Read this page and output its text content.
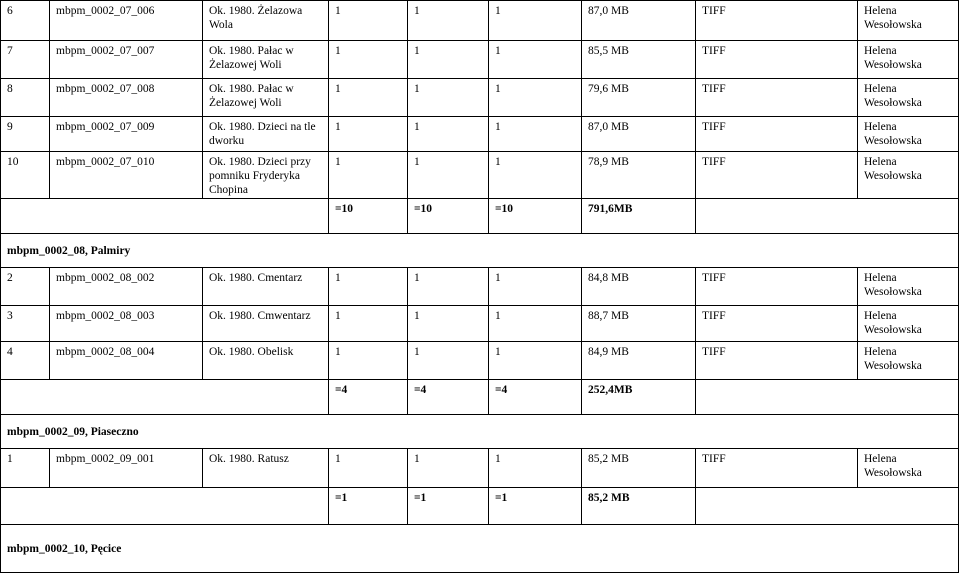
6	mbpm_0002_07_006	Ok. 1980. Żelazowa Wola	1	1	1	87,0 MB	TIFF	Helena Wesołowska
7	mbpm_0002_07_007	Ok. 1980. Pałac w Żelazowej Woli	1	1	1	85,5 MB	TIFF	Helena Wesołowska
8	mbpm_0002_07_008	Ok. 1980. Pałac w Żelazowej Woli	1	1	1	79,6 MB	TIFF	Helena Wesołowska
9	mbpm_0002_07_009	Ok. 1980. Dzieci na tle dworku	1	1	1	87,0 MB	TIFF	Helena Wesołowska
10	mbpm_0002_07_010	Ok. 1980. Dzieci przy pomniku Fryderyka Chopina	1	1	1	78,9 MB	TIFF	Helena Wesołowska
			=10	=10	=10	791,6MB		
mbpm_0002_08, Palmiry								
2	mbpm_0002_08_002	Ok. 1980. Cmentarz	1	1	1	84,8 MB	TIFF	Helena Wesołowska
3	mbpm_0002_08_003	Ok. 1980. Cmwentarz	1	1	1	88,7 MB	TIFF	Helena Wesołowska
4	mbpm_0002_08_004	Ok. 1980. Obelisk	1	1	1	84,9 MB	TIFF	Helena Wesołowska
			=4	=4	=4	252,4MB		
mbpm_0002_09, Piaseczno								
1	mbpm_0002_09_001	Ok. 1980. Ratusz	1	1	1	85,2 MB	TIFF	Helena Wesołowska
			=1	=1	=1	85,2 MB		
mbpm_0002_10, Pęcice								
